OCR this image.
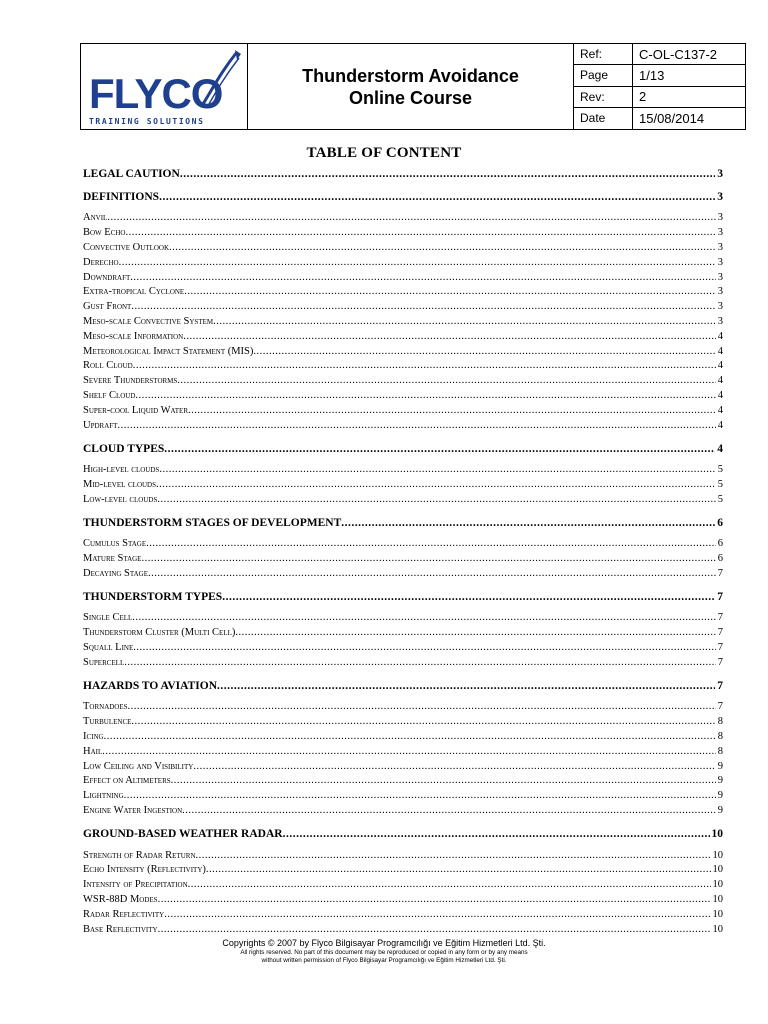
FLYCO
TRAINING SOLUTIONS
Thunderstorm Avoidance
Online Course
Ref:	C-OL-C137-2
Page	1/13
Rev:	2
Date	15/08/2014
TABLE OF CONTENT
LEGAL CAUTION .....	3
DEFINITIONS .....	3
Anvil .....	3
Bow Echo .....	3
Convective Outlook .....	3
Derecho .....	3
Downdraft .....	3
Extra-tropical Cyclone .....	3
Gust Front .....	3
Meso-scale Convective System .....	3
Meso-scale Information .....	4
Meteorological Impact Statement (MIS) .....	4
Roll Cloud .....	4
Severe Thunderstorms .....	4
Shelf Cloud .....	4
Super-cool Liquid Water .....	4
Updraft .....	4
CLOUD TYPES .....	4
High-level clouds .....	5
Mid-level clouds .....	5
Low-level clouds .....	5
THUNDERSTORM STAGES OF DEVELOPMENT .....	6
Cumulus Stage .....	6
Mature Stage .....	6
Decaying Stage .....	7
THUNDERSTORM TYPES .....	7
Single Cell .....	7
Thunderstorm Cluster (Multi Cell) .....	7
Squall Line .....	7
Supercell .....	7
HAZARDS TO AVIATION .....	7
Tornadoes .....	7
Turbulence .....	8
Icing .....	8
Hail .....	8
Low Ceiling and Visibility .....	9
Effect on Altimeters .....	9
Lightning .....	9
Engine Water Ingestion .....	9
GROUND-BASED WEATHER RADAR .....	10
Strength of Radar Return .....	10
Echo Intensity (Reflectivity) .....	10
Intensity of Precipitation .....	10
WSR-88D Modes .....	10
Radar Reflectivity .....	10
Base Reflectivity .....	10
Copyrights © 2007 by Flyco Bilgisayar Programcılığı ve Eğitim Hizmetleri Ltd. Şti.
All rights reserved. No part of this document may be reproduced or copied in any form or by any means
without written permission of Flyco Bilgisayar Programcılığı ve Eğitim Hizmetleri Ltd. Şti.
